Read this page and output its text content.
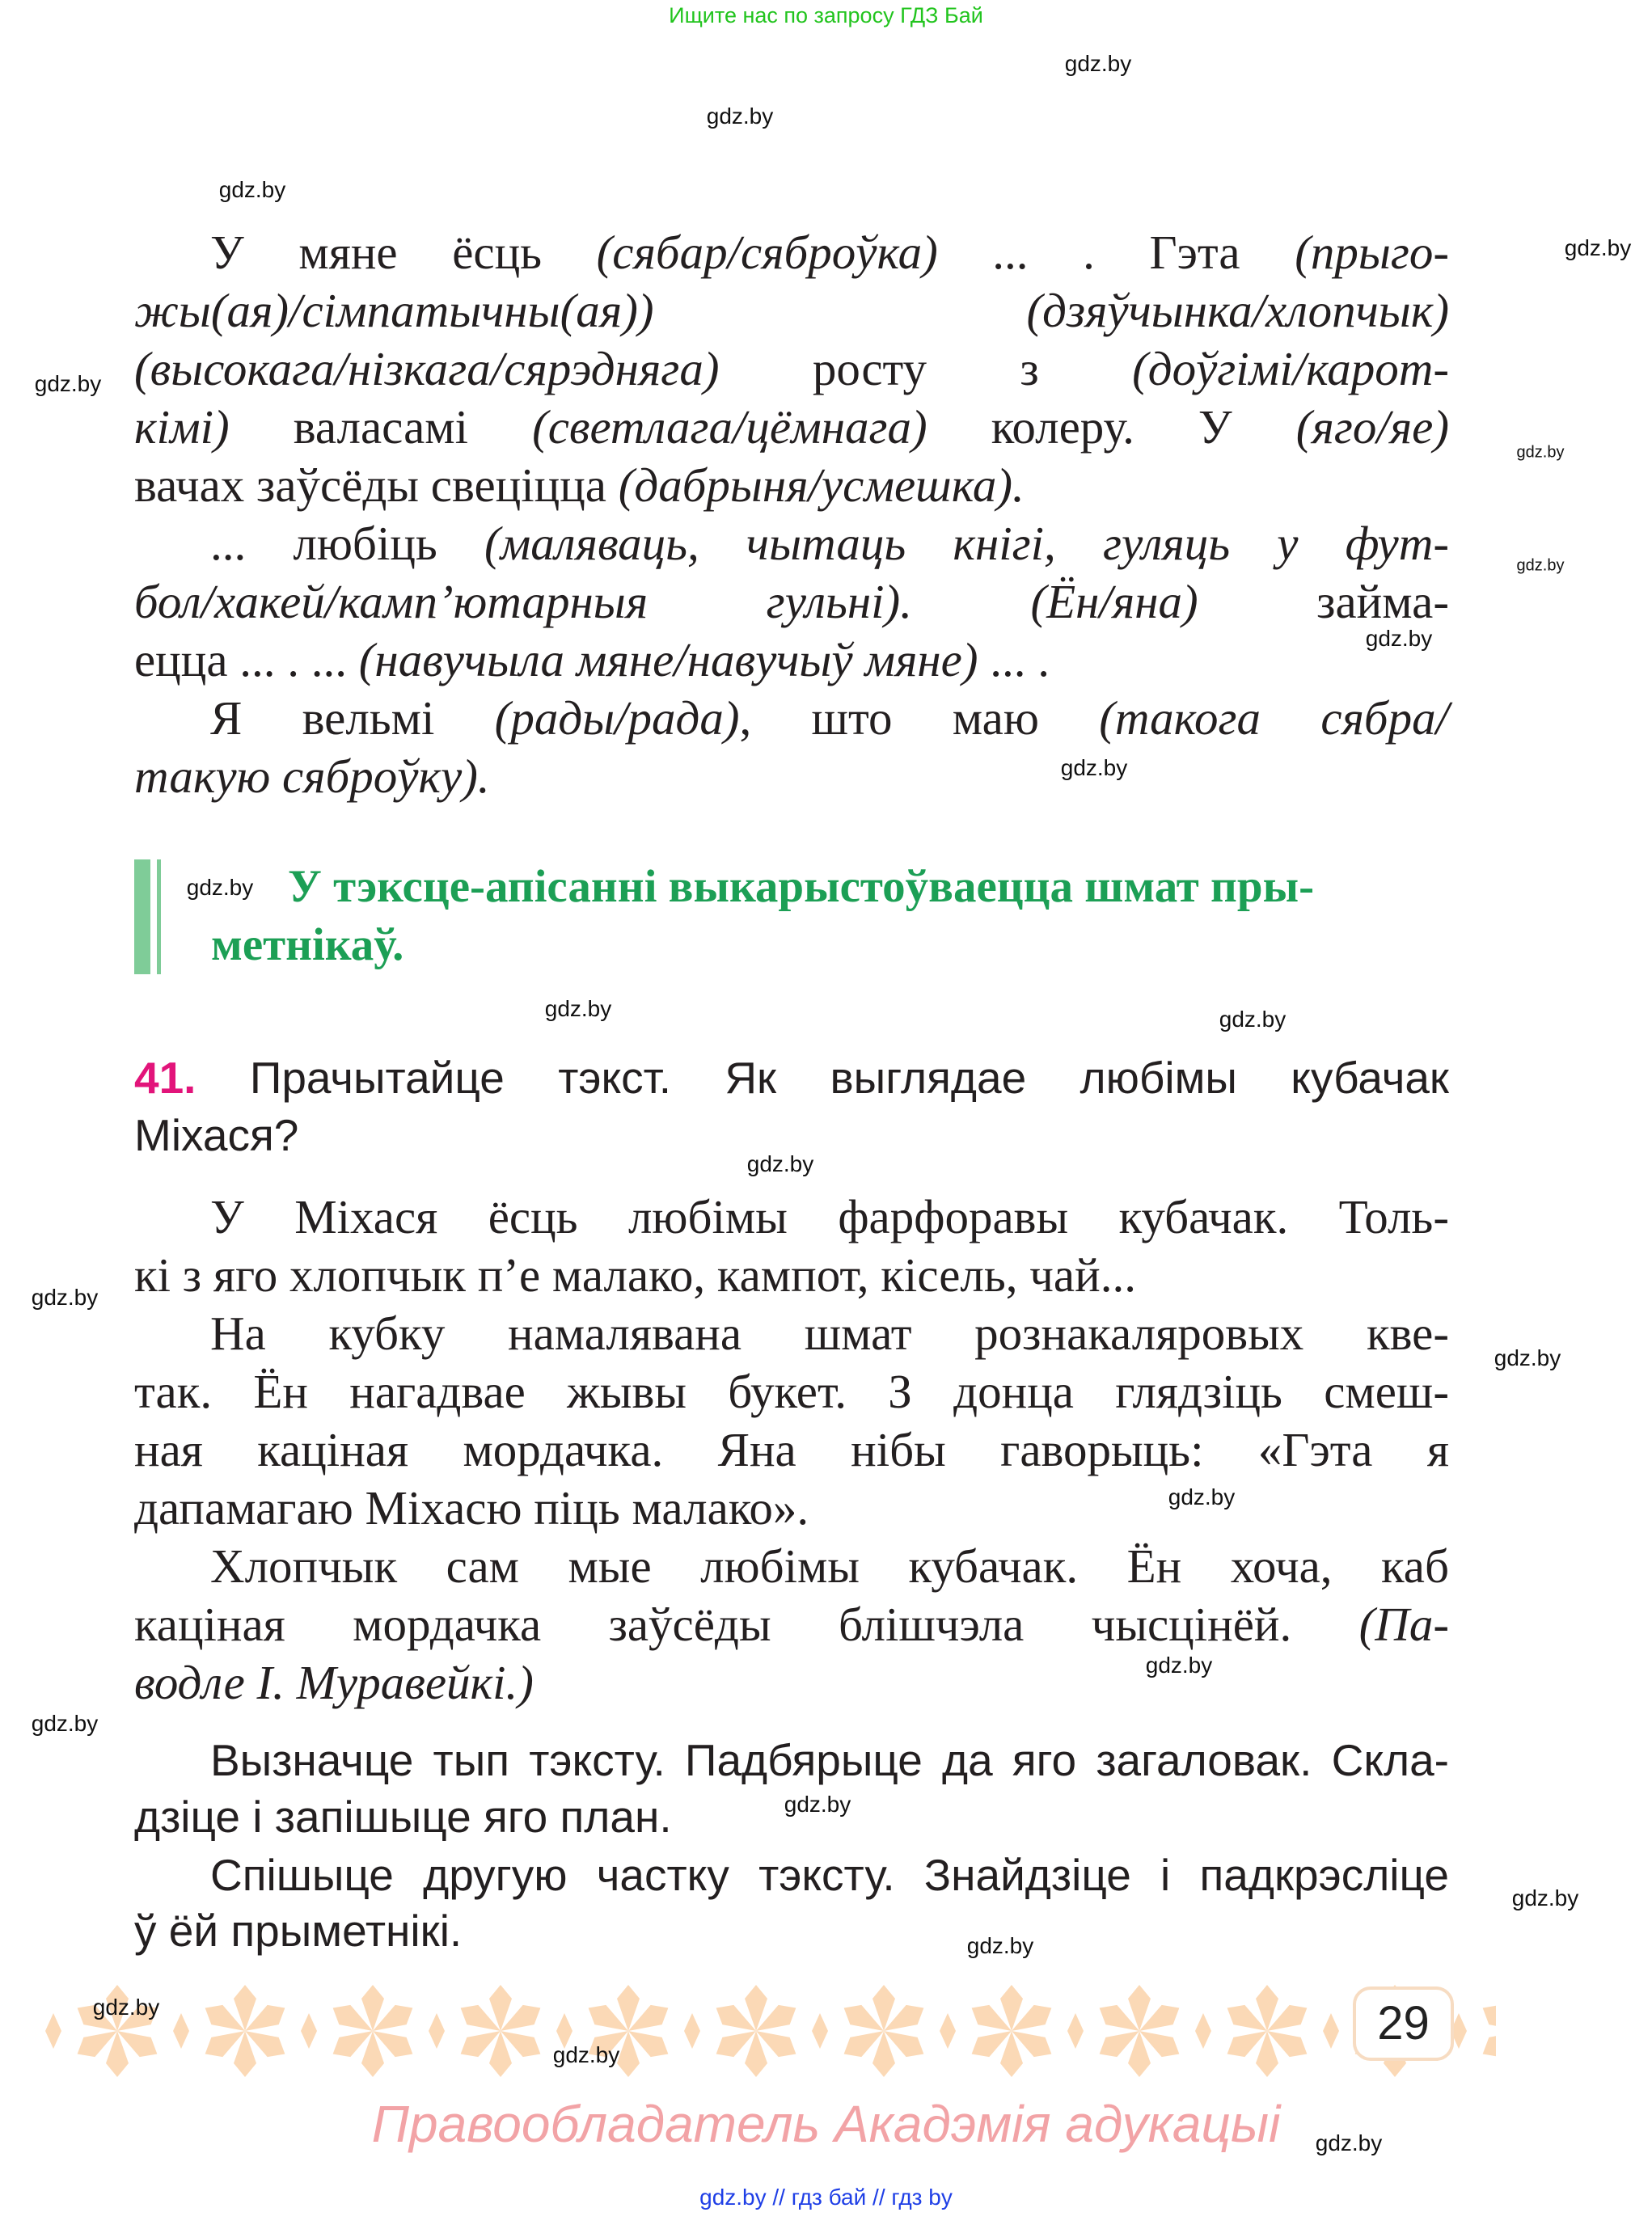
Ищите нас по запросу ГДЗ Бай
У мяне ёсць (сябар/сяброўка) ... . Гэта (прыго-
жы(ая)/сімпатычны(ая)) (дзяўчынка/хлопчык)
(высокага/нізкага/сярэдняга) росту з (доўгімі/карот-
кімі) валасамі (светлага/цёмнага) колеру. У (яго/яе)
вачах заўсёды свеціцца (дабрыня/усмешка).
... любіць (маляваць, чытаць кнігі, гуляць у фут-
бол/хакей/камп’ютарныя гульні). (Ён/яна) займа-
ецца ... . ... (навучыла мяне/навучыў мяне) ... .
Я вельмі (рады/рада), што маю (такога сябра/
такую сяброўку).
У Міхася ёсць любімы фарфоравы кубачак. Толь-
кі з яго хлопчык п’е малако, кампот, кісель, чай...
На кубку намалявана шмат рознакаляровых кве-
так. Ён нагадвае жывы букет. З донца глядзіць смеш-
ная каціная мордачка. Яна нібы гаворыць: «Гэта я
дапамагаю Міхасю піць малако».
Хлопчык сам мые любімы кубачак. Ён хоча, каб
каціная мордачка заўсёды блішчэла чысцінёй. (Па-
водле І. Муравейкі.)
Вызначце тып тэксту. Падбярыце да яго загаловак. Скла-
дзіце і запішыце яго план.
Спішыце другую частку тэксту. Знайдзіце і падкрэсліце
ў ёй прыметнікі.
У тэксце-апісанні выкарыстоўваецца шмат пры-
метнікаў.
41. Прачытайце тэкст. Як выглядае любімы кубачак
Міхася?
29
Правообладатель Акадэмія адукацыі
gdz.by // гдз бай // гдз by
gdz.by
gdz.by
gdz.by
gdz.by
gdz.by
gdz.by
gdz.by
gdz.by
gdz.by
gdz.by
gdz.by	gdz.by
gdz.by
gdz.by
gdz.by
gdz.by
gdz.by
gdz.by
gdz.by
gdz.by
gdz.by
gdz.by
gdz.by
gdz.by
